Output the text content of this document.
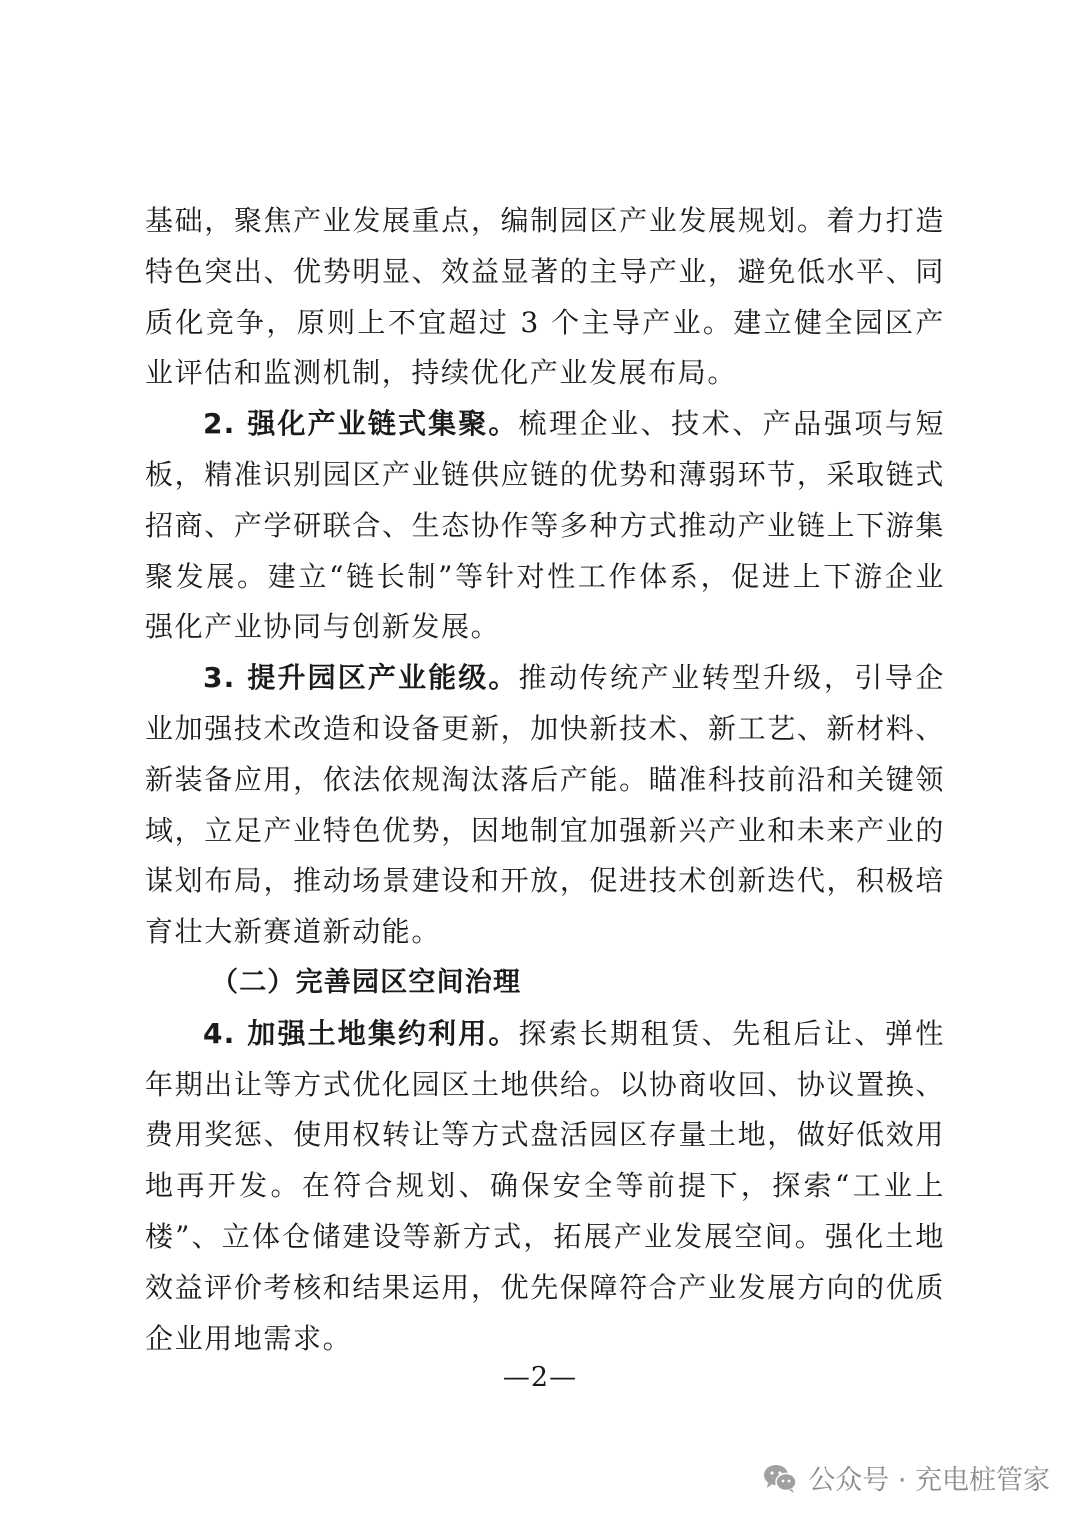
基础，聚焦产业发展重点，编制园区产业发展规划。着力打造特色突出、优势明显、效益显著的主导产业，避免低水平、同质化竞争，原则上不宜超过 3 个主导产业。建立健全园区产业评估和监测机制，持续优化产业发展布局。

2. 强化产业链式集聚。梳理企业、技术、产品强项与短板，精准识别园区产业链供应链的优势和薄弱环节，采取链式招商、产学研联合、生态协作等多种方式推动产业链上下游集聚发展。建立“链长制”等针对性工作体系，促进上下游企业强化产业协同与创新发展。

3. 提升园区产业能级。推动传统产业转型升级，引导企业加强技术改造和设备更新，加快新技术、新工艺、新材料、新装备应用，依法依规淘汰落后产能。瞄准科技前沿和关键领域，立足产业特色优势，因地制宜加强新兴产业和未来产业的谋划布局，推动场景建设和开放，促进技术创新迭代，积极培育壮大新赛道新动能。

（二）完善园区空间治理

4. 加强土地集约利用。探索长期租赁、先租后让、弹性年期出让等方式优化园区土地供给。以协商收回、协议置换、费用奖惩、使用权转让等方式盘活园区存量土地，做好低效用地再开发。在符合规划、确保安全等前提下，探索“工业上楼”、立体仓储建设等新方式，拓展产业发展空间。强化土地效益评价考核和结果运用，优先保障符合产业发展方向的优质企业用地需求。

—2—
公众号 · 充电桩管家
